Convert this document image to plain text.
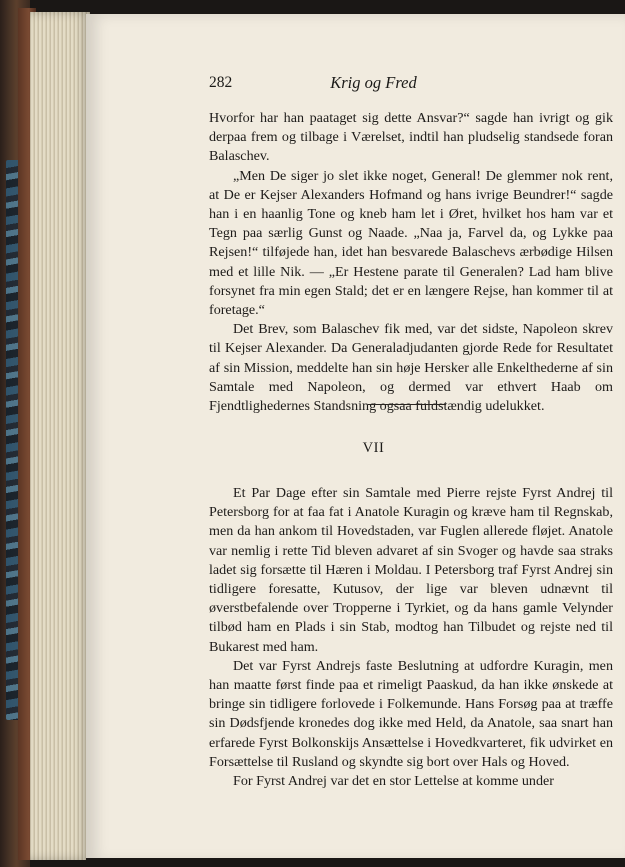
282	Krig og Fred

Hvorfor har han paataget sig dette Ansvar?“ sagde han ivrigt og gik derpaa frem og tilbage i Værelset, indtil han pludselig standsede foran Balaschev.

„Men De siger jo slet ikke noget, General! De glemmer nok rent, at De er Kejser Alexanders Hofmand og hans ivrige Beundrer!“ sagde han i en haanlig Tone og kneb ham let i Øret, hvilket hos ham var et Tegn paa særlig Gunst og Naade. „Naa ja, Farvel da, og Lykke paa Rejsen!“ tilføjede han, idet han besvarede Balaschevs ærbødige Hilsen med et lille Nik. — „Er Hestene parate til Generalen? Lad ham blive forsynet fra min egen Stald; det er en længere Rejse, han kommer til at foretage.“

Det Brev, som Balaschev fik med, var det sidste, Napoleon skrev til Kejser Alexander. Da Generaladjudanten gjorde Rede for Resultatet af sin Mission, meddelte han sin høje Hersker alle Enkelthederne af sin Samtale med Napoleon, og dermed var ethvert Haab om Fjendtlighedernes Standsning ogsaa fuldstændig udelukket.

VII

Et Par Dage efter sin Samtale med Pierre rejste Fyrst Andrej til Petersborg for at faa fat i Anatole Kuragin og kræve ham til Regnskab, men da han ankom til Hovedstaden, var Fuglen allerede fløjet. Anatole var nemlig i rette Tid bleven advaret af sin Svoger og havde saa straks ladet sig forsætte til Hæren i Moldau. I Petersborg traf Fyrst Andrej sin tidligere foresatte, Kutusov, der lige var bleven udnævnt til øverstbefalende over Tropperne i Tyrkiet, og da hans gamle Velynder tilbød ham en Plads i sin Stab, modtog han Tilbudet og rejste ned til Bukarest med ham.

Det var Fyrst Andrejs faste Beslutning at udfordre Kuragin, men han maatte først finde paa et rimeligt Paaskud, da han ikke ønskede at bringe sin tidligere forlovede i Folkemunde. Hans Forsøg paa at træffe sin Dødsfjende kronedes dog ikke med Held, da Anatole, saa snart han erfarede Fyrst Bolkonskijs Ansættelse i Hovedkvarteret, fik udvirket en Forsættelse til Rusland og skyndte sig bort over Hals og Hoved.

For Fyrst Andrej var det en stor Lettelse at komme under
